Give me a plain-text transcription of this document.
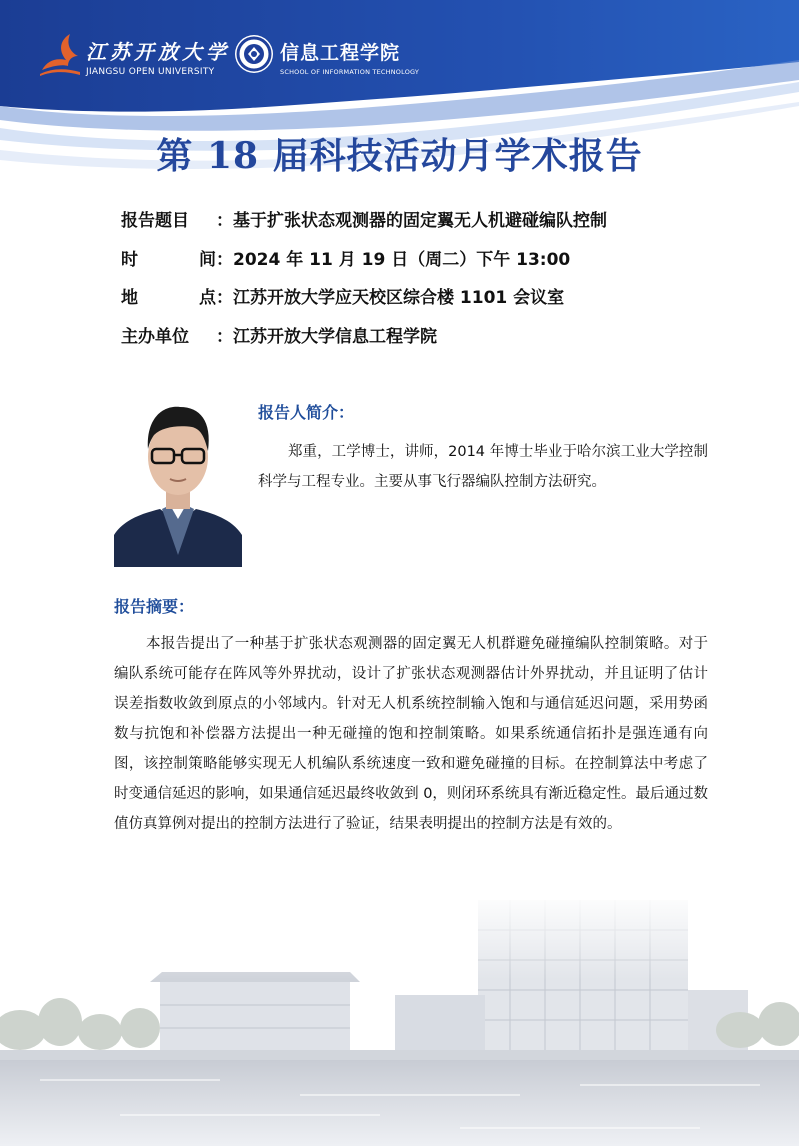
江苏开放大学
JIANGSU OPEN UNIVERSITY
信息工程学院
SCHOOL OF INFORMATION TECHNOLOGY
第 18 届科技活动月学术报告
报告题目	： 基于扩张状态观测器的固定翼无人机避碰编队控制
时	间 ： 2024 年 11 月 19 日（周二）下午 13:00
地	点 ： 江苏开放大学应天校区综合楼 1101 会议室
主办单位	： 江苏开放大学信息工程学院
报告人简介：
郑重，工学博士，讲师，2014 年博士毕业于哈尔滨工业大学控制科学与工程专业。主要从事飞行器编队控制方法研究。
报告摘要：
本报告提出了一种基于扩张状态观测器的固定翼无人机群避免碰撞编队控制策略。对于编队系统可能存在阵风等外界扰动，设计了扩张状态观测器估计外界扰动，并且证明了估计误差指数收敛到原点的小邻域内。针对无人机系统控制输入饱和与通信延迟问题，采用势函数与抗饱和补偿器方法提出一种无碰撞的饱和控制策略。如果系统通信拓扑是强连通有向图，该控制策略能够实现无人机编队系统速度一致和避免碰撞的目标。在控制算法中考虑了时变通信延迟的影响，如果通信延迟最终收敛到 0，则闭环系统具有渐近稳定性。最后通过数值仿真算例对提出的控制方法进行了验证，结果表明提出的控制方法是有效的。
